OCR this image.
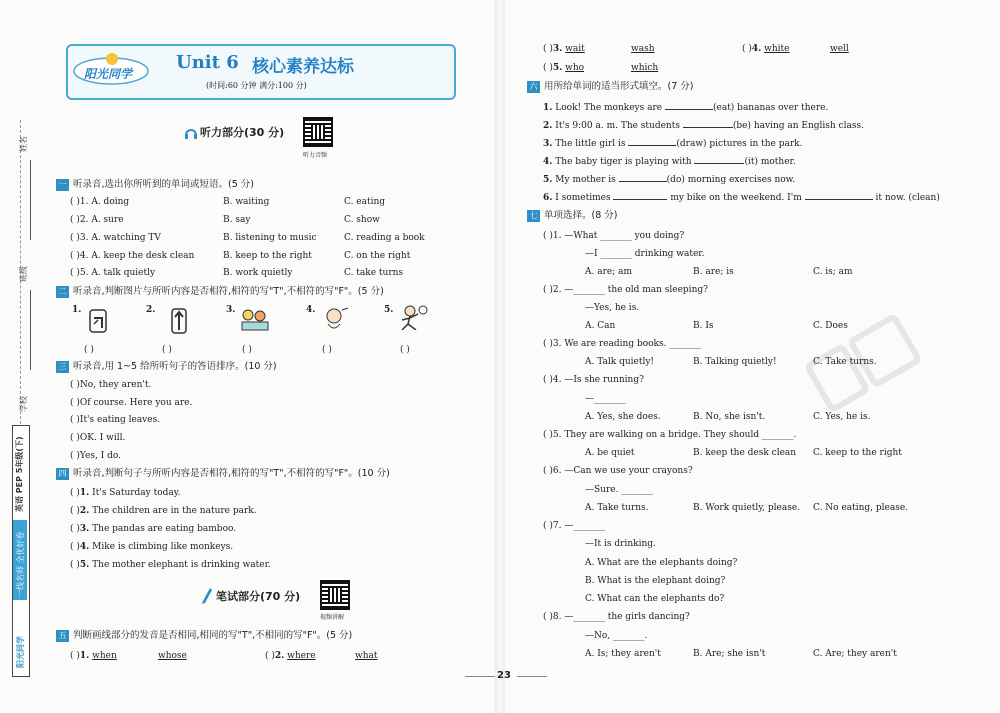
姓名
班级
学校
英语 PEP 5年级(下)
一线名师 全优好卷
阳光同学
阳光同学
Unit 6 核心素养达标
(时间:60 分钟 满分:100 分)
听力部分(30 分)
听力音频
一 听录音,选出你所听到的单词或短语。(5 分)
( )1. A. doing	B. waiting	C. eating
( )2. A. sure	B. say	C. show
( )3. A. watching TV	B. listening to music	C. reading a book
( )4. A. keep the desk clean	B. keep to the right	C. on the right
( )5. A. talk quietly	B. work quietly	C. take turns
二 听录音,判断图片与所听内容是否相符,相符的写"T",不相符的写"F"。(5 分)
1.
( )
2.
( )
3.
( )
4.
( )
5.
( )
三 听录音,用 1~5 给所听句子的答语排序。(10 分)
( )No, they aren't.
( )Of course. Here you are.
( )It's eating leaves.
( )OK. I will.
( )Yes, I do.
四 听录音,判断句子与所听内容是否相符,相符的写"T",不相符的写"F"。(10 分)
( )1. It's Saturday today.
( )2. The children are in the nature park.
( )3. The pandas are eating bamboo.
( )4. Mike is climbing like monkeys.
( )5. The mother elephant is drinking water.
笔试部分(70 分)
视频讲解
五 判断画线部分的发音是否相同,相同的写"T",不相同的写"F"。(5 分)
( )1. when	whose	( )2. where	what
( )3. wait	wash	( )4. white	well
( )5. who	which
六 用所给单词的适当形式填空。(7 分)
1. Look! The monkeys are	(eat) bananas over there.
2. It's 9:00 a. m. The students	(be) having an English class.
3. The little girl is	(draw) pictures in the park.
4. The baby tiger is playing with	(it) mother.
5. My mother is	(do) morning exercises now.
6. I sometimes	my bike on the weekend. I'm	it now. (clean)
七 单项选择。(8 分)
( )1. —What _______ you doing?
—I _______ drinking water.
A. are; am	B. are; is	C. is; am
( )2. —_______ the old man sleeping?
—Yes, he is.
A. Can	B. Is	C. Does
( )3. We are reading books. _______
A. Talk quietly!	B. Talking quietly!	C. Take turns.
( )4. —Is she running?
—_______
A. Yes, she does.	B. No, she isn't.	C. Yes, he is.
( )5. They are walking on a bridge. They should _______.
A. be quiet	B. keep the desk clean C. keep to the right
( )6. —Can we use your crayons?
—Sure. _______
A. Take turns.	B. Work quietly, please. C. No eating, please.
( )7. —_______
—It is drinking.
A. What are the elephants doing?
B. What is the elephant doing?
C. What can the elephants do?
( )8. —_______ the girls dancing?
—No, _______.
A. Is; they aren't	B. Are; she isn't	C. Are; they aren't
23
